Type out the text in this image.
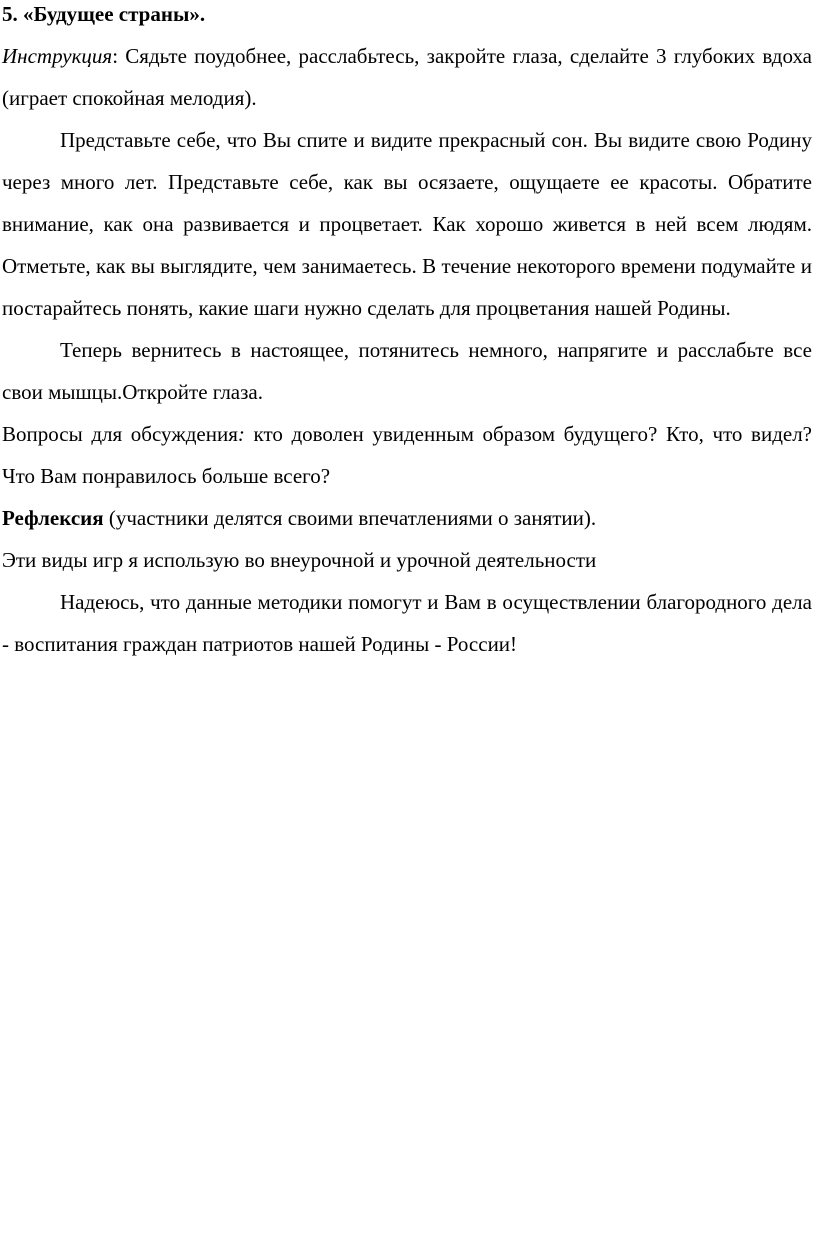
5. «Будущее страны».

Инструкция: Сядьте поудобнее, расслабьтесь, закройте глаза, сделайте 3 глубоких вдоха (играет спокойная мелодия).

Представьте себе, что Вы спите и видите прекрасный сон. Вы видите свою Родину через много лет. Представьте себе, как вы осязаете, ощущаете ее красоты. Обратите внимание, как она развивается и процветает. Как хорошо живется в ней всем людям. Отметьте, как вы выглядите, чем занимаетесь. В течение некоторого времени подумайте и постарайтесь понять, какие шаги нужно сделать для процветания нашей Родины.

Теперь вернитесь в настоящее, потянитесь немного, напрягите и расслабьте все свои мышцы.Откройте глаза.

Вопросы для обсуждения: кто доволен увиденным образом будущего? Кто, что видел? Что Вам понравилось больше всего?

Рефлексия (участники делятся своими впечатлениями о занятии).

Эти виды игр я использую во внеурочной и урочной деятельности

Надеюсь, что данные методики помогут и Вам в осуществлении благородного дела - воспитания граждан патриотов нашей Родины - России!
